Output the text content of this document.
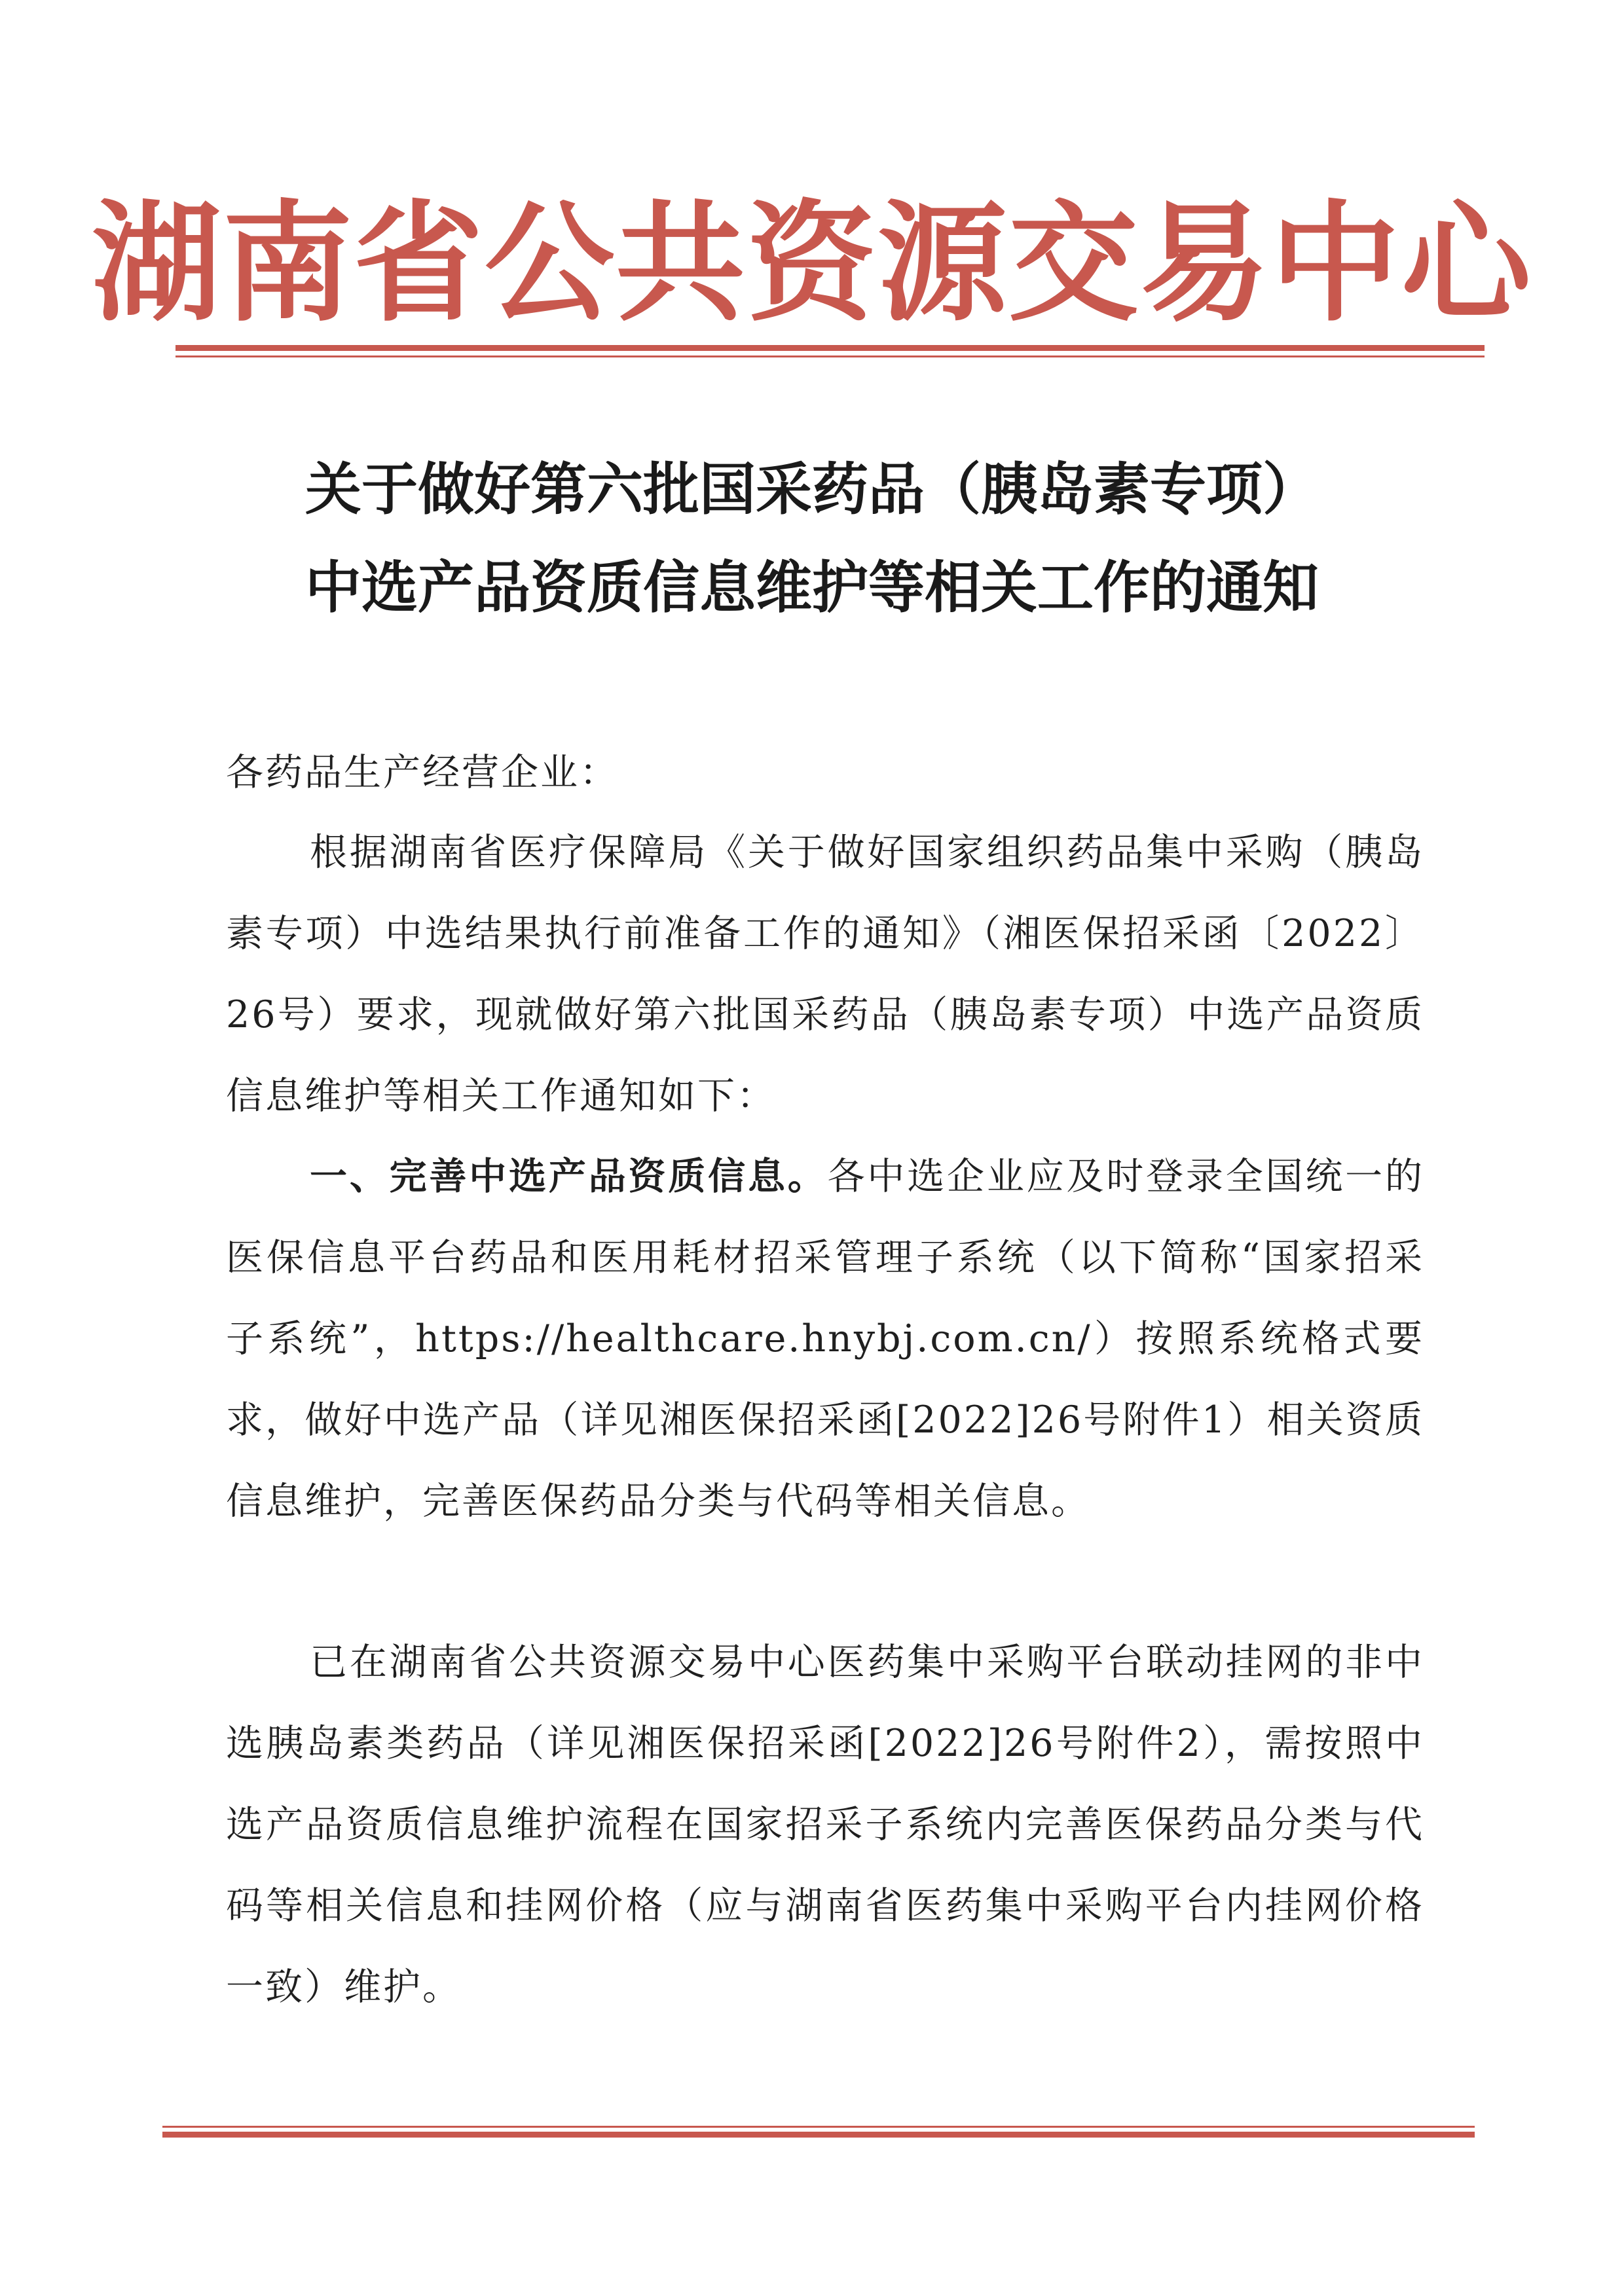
湖南省公共资源交易中心
关于做好第六批国采药品（胰岛素专项）
中选产品资质信息维护等相关工作的通知
各药品生产经营企业：
根据湖南省医疗保障局《关于做好国家组织药品集中采购（胰岛素专项）中选结果执行前准备工作的通知》（湘医保招采函〔2022〕26号）要求，现就做好第六批国采药品（胰岛素专项）中选产品资质信息维护等相关工作通知如下：
一、完善中选产品资质信息。各中选企业应及时登录全国统一的医保信息平台药品和医用耗材招采管理子系统（以下简称“国家招采子系统”，https://healthcare.hnybj.com.cn/）按照系统格式要求，做好中选产品（详见湘医保招采函[2022]26号附件1）相关资质信息维护，完善医保药品分类与代码等相关信息。
已在湖南省公共资源交易中心医药集中采购平台联动挂网的非中选胰岛素类药品（详见湘医保招采函[2022]26号附件2），需按照中选产品资质信息维护流程在国家招采子系统内完善医保药品分类与代码等相关信息和挂网价格（应与湖南省医药集中采购平台内挂网价格一致）维护。
